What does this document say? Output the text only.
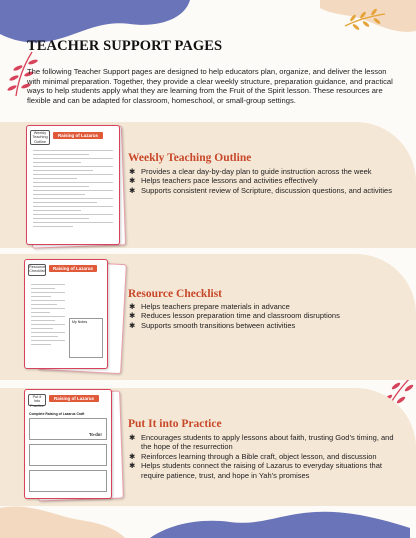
TEACHER SUPPORT PAGES

The following Teacher Support pages are designed to help educators plan, organize, and deliver the lesson with minimal preparation. Together, they provide a clear weekly structure, preparation guidance, and practical ways to help students apply what they are learning from the Fruit of the Spirit lesson. These resources are flexible and can be adapted for classroom, homeschool, or small-group settings.

Weekly Teaching Outline
Raising of Lazarus
Weekly Teaching Outline
✱ Provides a clear day-by-day plan to guide instruction across the week
✱ Helps teachers pace lessons and activities effectively
✱ Supports consistent review of Scripture, discussion questions, and activities
Resource Checklist
Raising of Lazarus
My Notes
Resource Checklist
✱ Helps teachers prepare materials in advance
✱ Reduces lesson preparation time and classroom disruptions
✱ Supports smooth transitions between activities
Put It Into Practice
Raising of Lazarus
Complete Raising of Lazarus Craft
To-do!
Put It into Practice
✱ Encourages students to apply lessons about faith, trusting God’s timing, and the hope of the resurrection
✱ Reinforces learning through a Bible craft, object lesson, and discussion
✱ Helps students connect the raising of Lazarus to everyday situations that require patience, trust, and hope in Yah’s promises
